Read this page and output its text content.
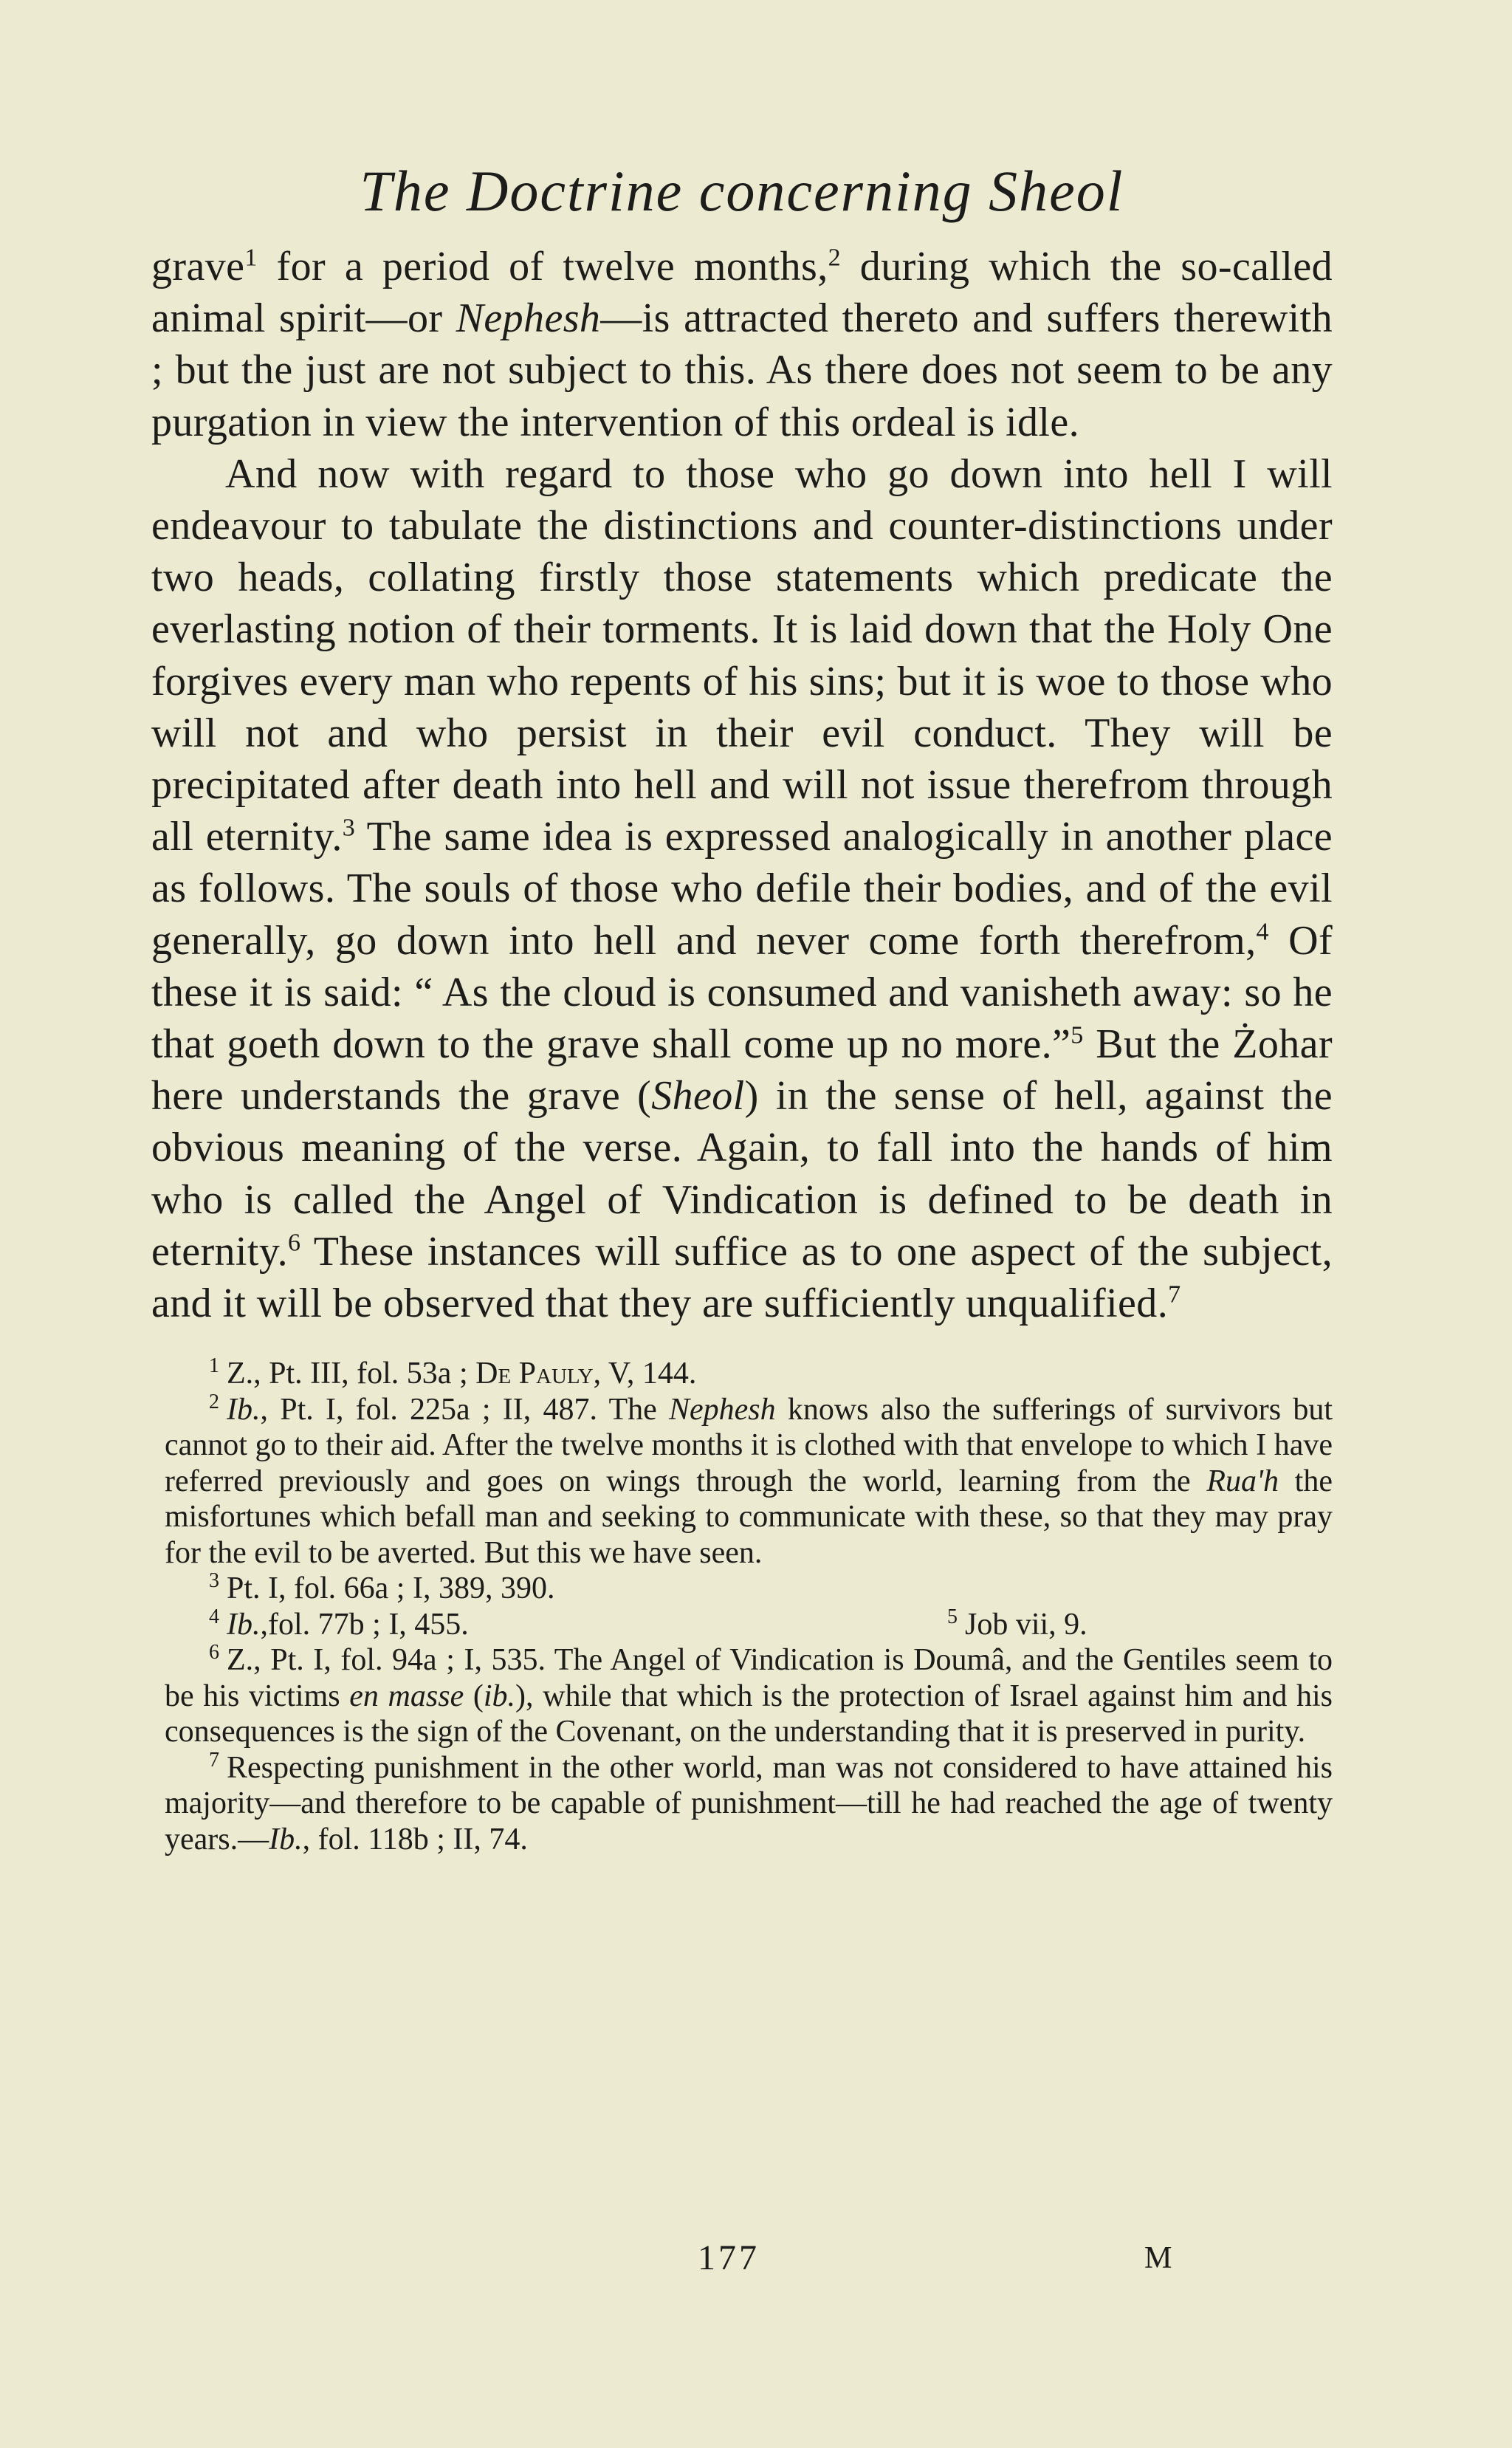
The Doctrine concerning Sheol

grave$^1$ for a period of twelve months,$^2$ during which the so-called animal spirit—or Nephesh—is attracted thereto and suffers therewith ; but the just are not subject to this. As there does not seem to be any purgation in view the intervention of this ordeal is idle.

And now with regard to those who go down into hell I will endeavour to tabulate the distinctions and counter-distinctions under two heads, collating firstly those statements which predicate the everlasting notion of their torments. It is laid down that the Holy One forgives every man who repents of his sins; but it is woe to those who will not and who persist in their evil conduct. They will be precipitated after death into hell and will not issue therefrom through all eternity.$^3$ The same idea is expressed analogically in another place as follows. The souls of those who defile their bodies, and of the evil generally, go down into hell and never come forth therefrom,$^4$ Of these it is said: “ As the cloud is consumed and vanisheth away: so he that goeth down to the grave shall come up no more.”$^5$ But the Żohar here understands the grave (Sheol) in the sense of hell, against the obvious meaning of the verse. Again, to fall into the hands of him who is called the Angel of Vindication is defined to be death in eternity.$^6$ These instances will suffice as to one aspect of the subject, and it will be observed that they are sufficiently unqualified.$^7$

$^1$ Z., Pt. III, fol. 53a ; De Pauly, V, 144.

$^2$ Ib., Pt. I, fol. 225a ; II, 487. The Nephesh knows also the sufferings of survivors but cannot go to their aid. After the twelve months it is clothed with that envelope to which I have referred previously and goes on wings through the world, learning from the Rua'h the misfortunes which befall man and seeking to communicate with these, so that they may pray for the evil to be averted. But this we have seen.

$^3$ Pt. I, fol. 66a ; I, 389, 390.

$^4$ Ib.,fol. 77b ; I, 455.	$^5$ Job vii, 9.

$^6$ Z., Pt. I, fol. 94a ; I, 535. The Angel of Vindication is Doumâ, and the Gentiles seem to be his victims en masse (ib.), while that which is the protection of Israel against him and his consequences is the sign of the Covenant, on the understanding that it is preserved in purity.

$^7$ Respecting punishment in the other world, man was not considered to have attained his majority—and therefore to be capable of punishment—till he had reached the age of twenty years.—Ib., fol. 118b ; II, 74.

177	M
